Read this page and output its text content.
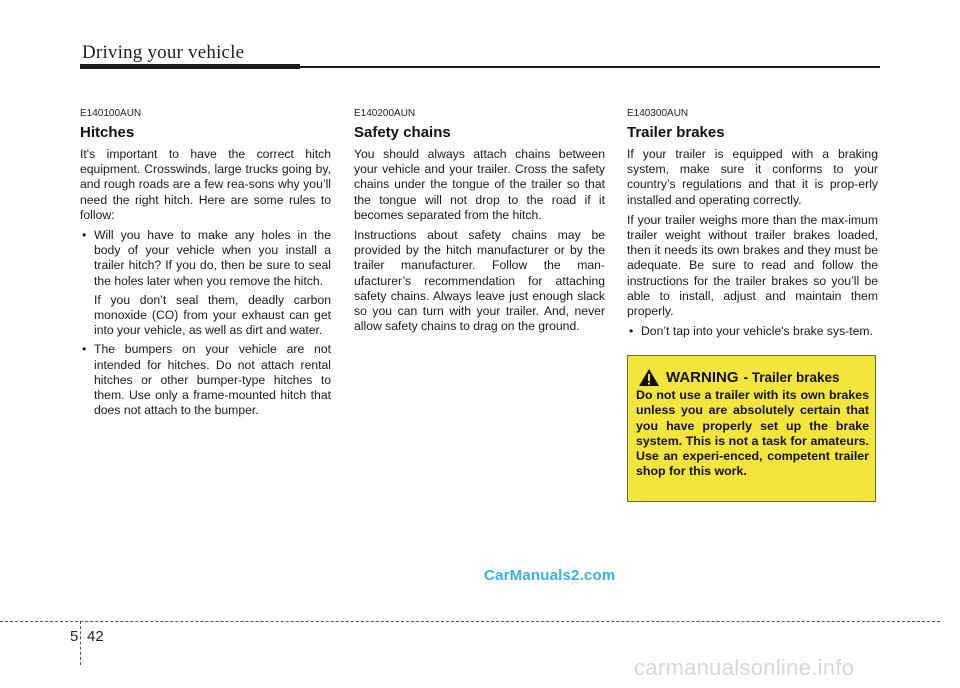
Driving your vehicle
E140100AUN
Hitches

It's important to have the correct hitch equipment. Crosswinds, large trucks going by, and rough roads are a few rea-sons why you’ll need the right hitch. Here are some rules to follow:

• Will you have to make any holes in the body of your vehicle when you install a trailer hitch? If you do, then be sure to seal the holes later when you remove the hitch.
If you don’t seal them, deadly carbon monoxide (CO) from your exhaust can get into your vehicle, as well as dirt and water.
• The bumpers on your vehicle are not intended for hitches. Do not attach rental hitches or other bumper-type hitches to them. Use only a frame-mounted hitch that does not attach to the bumper.
E140200AUN
Safety chains

You should always attach chains between your vehicle and your trailer. Cross the safety chains under the tongue of the trailer so that the tongue will not drop to the road if it becomes separated from the hitch.

Instructions about safety chains may be provided by the hitch manufacturer or by the trailer manufacturer. Follow the man-ufacturer’s recommendation for attaching safety chains. Always leave just enough slack so you can turn with your trailer. And, never allow safety chains to drag on the ground.

E140300AUN
Trailer brakes

If your trailer is equipped with a braking system, make sure it conforms to your country’s regulations and that it is prop-erly installed and operating correctly.

If your trailer weighs more than the max-imum trailer weight without trailer brakes loaded, then it needs its own brakes and they must be adequate. Be sure to read and follow the instructions for the trailer brakes so you’ll be able to install, adjust and maintain them properly.

• Don’t tap into your vehicle's brake sys-tem.
WARNING - Trailer brakes
Do not use a trailer with its own brakes unless you are absolutely certain that you have properly set up the brake system. This is not a task for amateurs. Use an experi-enced, competent trailer shop for this work.
CarManuals2.com
5 42
carmanualsonline.info
